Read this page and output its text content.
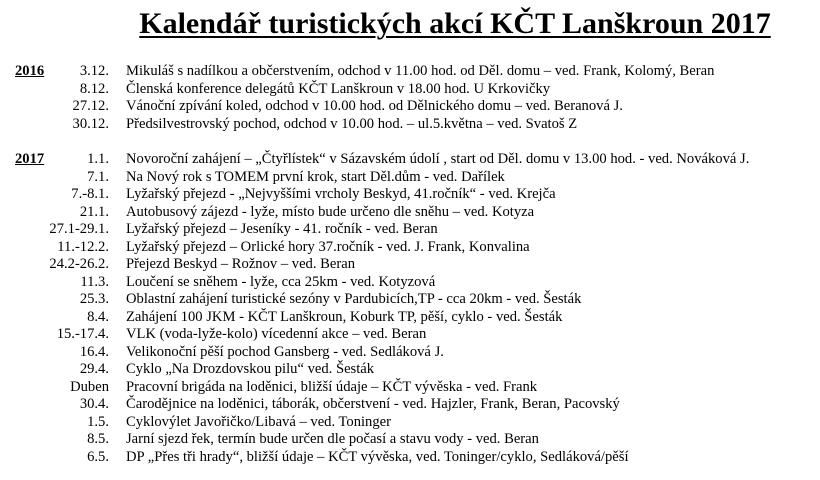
Kalendář turistických akcí KČT Lanškroun 2017
2016 3.12. Mikuláš s nadílkou a občerstvením, odchod v 11.00 hod. od Děl. domu – ved. Frank, Kolomý, Beran
8.12. Členská konference delegátů KČT Lanškroun v 18.00 hod. U Krkovičky
27.12. Vánoční zpívání koled, odchod v 10.00 hod. od Dělnického domu – ved. Beranová J.
30.12. Předsilvestrovský pochod, odchod v 10.00 hod. – ul.5.května – ved. Svatoš Z
2017	1.1. Novoroční zahájení – „Čtyřlístek“ v Sázavském údolí , start od Děl. domu v 13.00 hod. - ved. Nováková J.
7.1. Na Nový rok s TOMEM první krok, start Děl.dům - ved. Dařílek
7.-8.1. Lyžařský přejezd - „Nejvyššími vrcholy Beskyd, 41.ročník“ - ved. Krejča
21.1. Autobusový zájezd - lyže, místo bude určeno dle sněhu – ved. Kotyza
27.1-29.1. Lyžařský přejezd – Jeseníky - 41. ročník - ved. Beran
11.-12.2. Lyžařský přejezd – Orlické hory 37.ročník - ved. J. Frank, Konvalina
24.2-26.2. Přejezd Beskyd – Rožnov – ved. Beran
11.3. Loučení se sněhem - lyže, cca 25km - ved. Kotyzová
25.3. Oblastní zahájení turistické sezóny v Pardubicích,TP - cca 20km - ved. Šesták
8.4. Zahájení 100 JKM - KČT Lanškroun, Koburk TP, pěší, cyklo - ved. Šesták
15.-17.4. VLK (voda-lyže-kolo) vícedenní akce – ved. Beran
16.4. Velikonoční pěší pochod Gansberg - ved. Sedláková J.
29.4. Cyklo „Na Drozdovskou pilu“ ved. Šesták
Duben Pracovní brigáda na loděnici, bližší údaje – KČT vývěska - ved. Frank
30.4. Čarodějnice na loděnici, táborák, občerstvení - ved. Hajzler, Frank, Beran, Pacovský
1.5. Cyklovýlet Javořičko/Libavá – ved. Toninger
8.5. Jarní sjezd řek, termín bude určen dle počasí a stavu vody - ved. Beran
6.5. DP „Přes tři hrady“, bližší údaje – KČT vývěska, ved. Toninger/cyklo, Sedláková/pěší
